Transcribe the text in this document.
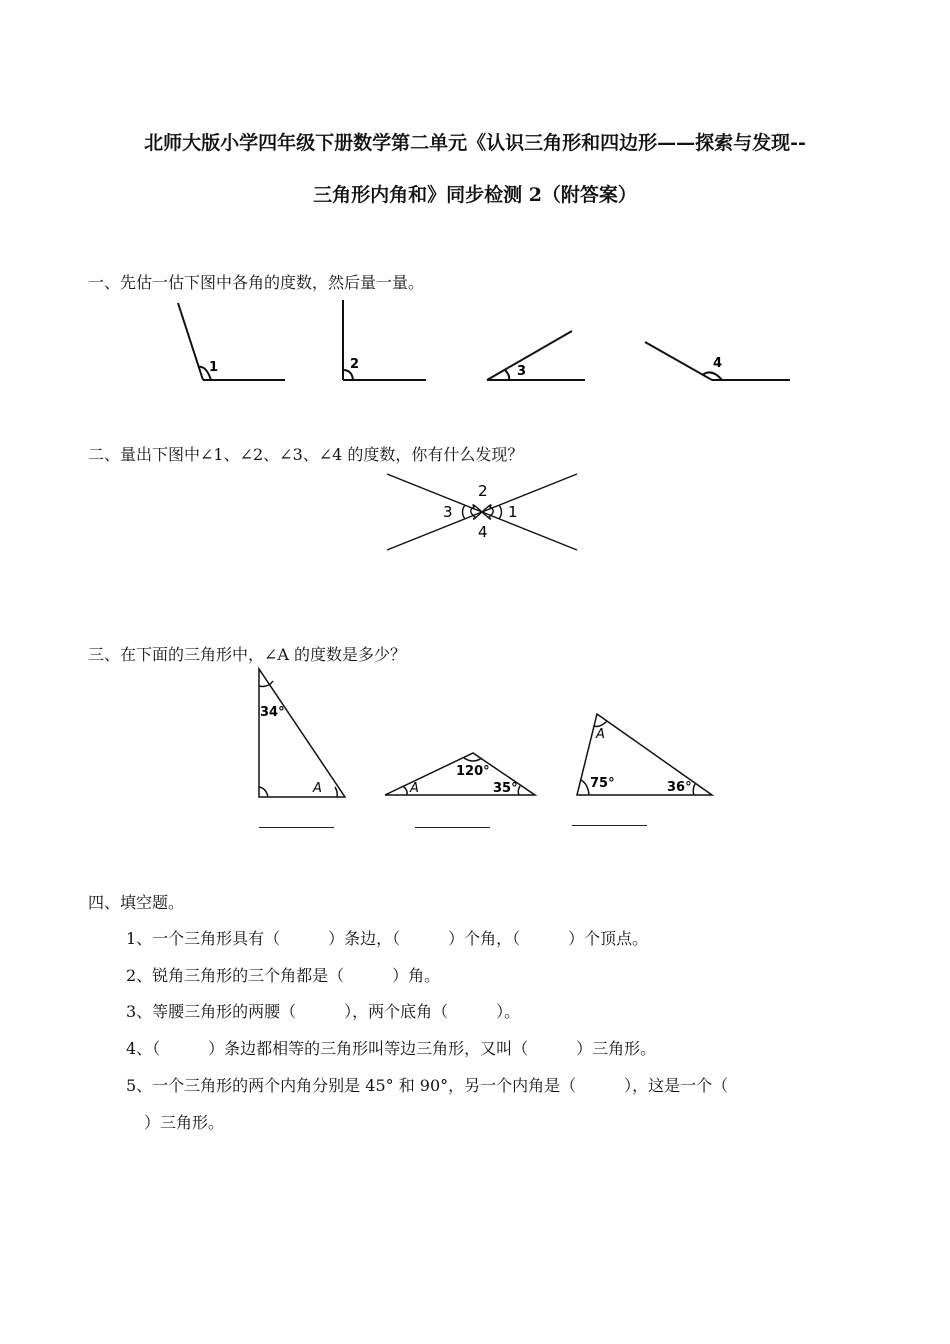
北师大版小学四年级下册数学第二单元《认识三角形和四边形——探索与发现--
三角形内角和》同步检测 2（附答案）
一、先估一估下图中各角的度数，然后量一量。
1	2	3
4
二、量出下图中∠1、∠2、∠3、∠4 的度数，你有什么发现？
2
1
3
4
三、在下面的三角形中，∠A 的度数是多少？
34°
A
120°
A	35°
A
75°	36°
四、填空题。
1、一个三角形具有（　　　）条边，（　　　）个角，（　　　）个顶点。
2、锐角三角形的三个角都是（　　　）角。
3、等腰三角形的两腰（　　　），两个底角（　　　）。
4、（　　　）条边都相等的三角形叫等边三角形，又叫（　　　）三角形。
5、一个三角形的两个内角分别是 45° 和 90°，另一个内角是（　　　），这是一个（
）三角形。
